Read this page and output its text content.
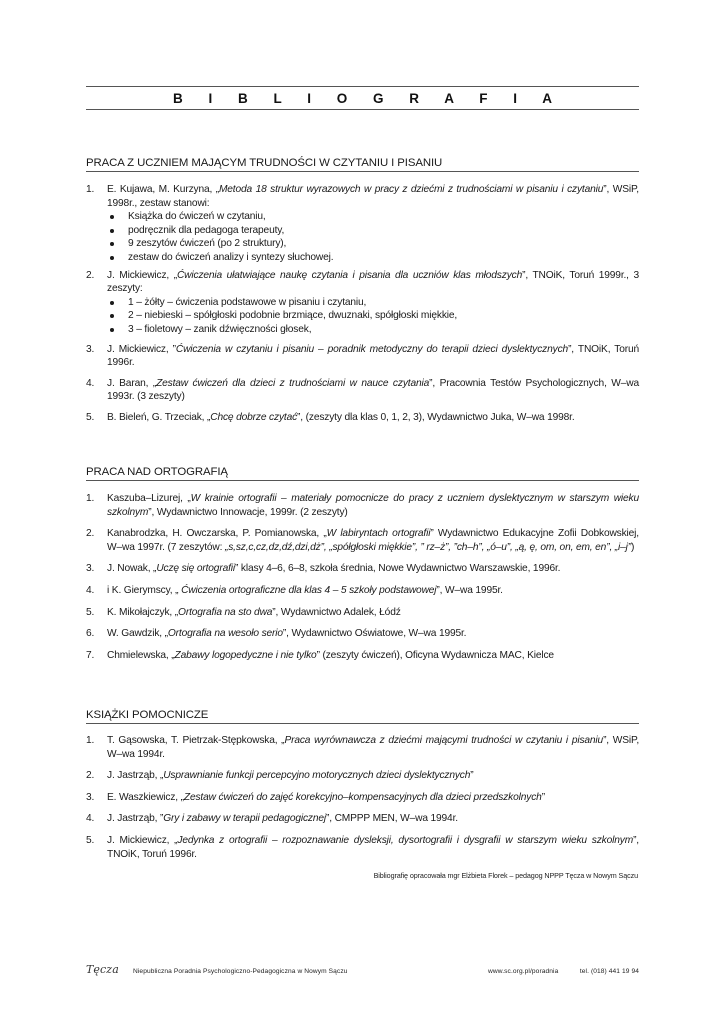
B I B L I O G R A F I A
PRACA Z UCZNIEM MAJĄCYM TRUDNOŚCI W CZYTANIU I PISANIU
1. E. Kujawa, M. Kurzyna, „Metoda 18 struktur wyrazowych w pracy z dziećmi z trudnościami w pisaniu i czytaniu”, WSiP, 1998r., zestaw stanowi:
Książka do ćwiczeń w czytaniu,
podręcznik dla pedagoga terapeuty,
9 zeszytów ćwiczeń (po 2 struktury),
zestaw do ćwiczeń analizy i syntezy słuchowej.
2. J. Mickiewicz, „Ćwiczenia ułatwiające naukę czytania i pisania dla uczniów klas młodszych”, TNOiK, Toruń 1999r., 3 zeszyty:
1 – żółty – ćwiczenia podstawowe w pisaniu i czytaniu,
2 – niebieski – spółgłoski podobnie brzmiące, dwuznaki, spółgłoski miękkie,
3 – fioletowy – zanik dźwięczności głosek,
3. J. Mickiewicz, ”Ćwiczenia w czytaniu i pisaniu – poradnik metodyczny do terapii dzieci dyslektycznych”, TNOiK, Toruń 1996r.
4. J. Baran, „Zestaw ćwiczeń dla dzieci z trudnościami w nauce czytania”, Pracownia Testów Psychologicznych, W–wa 1993r. (3 zeszyty)
5. B. Bieleń, G. Trzeciak, „Chcę dobrze czytać”, (zeszyty dla klas 0, 1, 2, 3), Wydawnictwo Juka, W–wa 1998r.
PRACA NAD ORTOGRAFIĄ
1. Kaszuba–Lizurej, „W krainie ortografii – materiały pomocnicze do pracy z uczniem dyslektycznym w starszym wieku szkolnym”, Wydawnictwo Innowacje, 1999r. (2 zeszyty)
2. Kanabrodzka, H. Owczarska, P. Pomianowska, „W labiryntach ortografii” Wydawnictwo Edukacyjne Zofii Dobkowskiej, W–wa 1997r. (7 zeszytów: „s,sz,c,cz,dz,dź,dzi,dż”, „spółgłoski miękkie”, ” rz–ż”, ”ch–h”, „ó–u”, „ą, ę, om, on, em, en”, „i–j”)
3. J. Nowak, „Uczę się ortografii” klasy 4–6, 6–8, szkoła średnia, Nowe Wydawnictwo Warszawskie, 1996r.
4. i K. Gierymscy, „ Ćwiczenia ortograficzne dla klas 4 – 5 szkoły podstawowej”, W–wa 1995r.
5. K. Mikołajczyk, „Ortografia na sto dwa”, Wydawnictwo Adalek, Łódź
6. W. Gawdzik, „Ortografia na wesoło serio”, Wydawnictwo Oświatowe, W–wa 1995r.
7. Chmielewska, „Zabawy logopedyczne i nie tylko” (zeszyty ćwiczeń), Oficyna Wydawnicza MAC, Kielce
KSIĄŻKI POMOCNICZE
1. T. Gąsowska, T. Pietrzak-Stępkowska, „Praca wyrównawcza z dziećmi mającymi trudności w czytaniu i pisaniu”, WSiP, W–wa 1994r.
2. J. Jastrząb, „Usprawnianie funkcji percepcyjno motorycznych dzieci dyslektycznych”
3. E. Waszkiewicz, „Zestaw ćwiczeń do zajęć korekcyjno–kompensacyjnych dla dzieci przedszkolnych”
4. J. Jastrząb, ”Gry i zabawy w terapii pedagogicznej”, CMPPP MEN, W–wa 1994r.
5. J. Mickiewicz, „Jedynka z ortografii – rozpoznawanie dysleksji, dysortografii i dysgrafii w starszym wieku szkolnym”, TNOiK, Toruń 1996r.
Bibliografię opracowała mgr Elżbieta Florek – pedagog NPPP Tęcza w Nowym Sączu
Tęcza Niepubliczna Poradnia Psychologiczno-Pedagogiczna w Nowym Sączu	www.sc.org.pl/poradnia	tel. (018) 441 19 94
